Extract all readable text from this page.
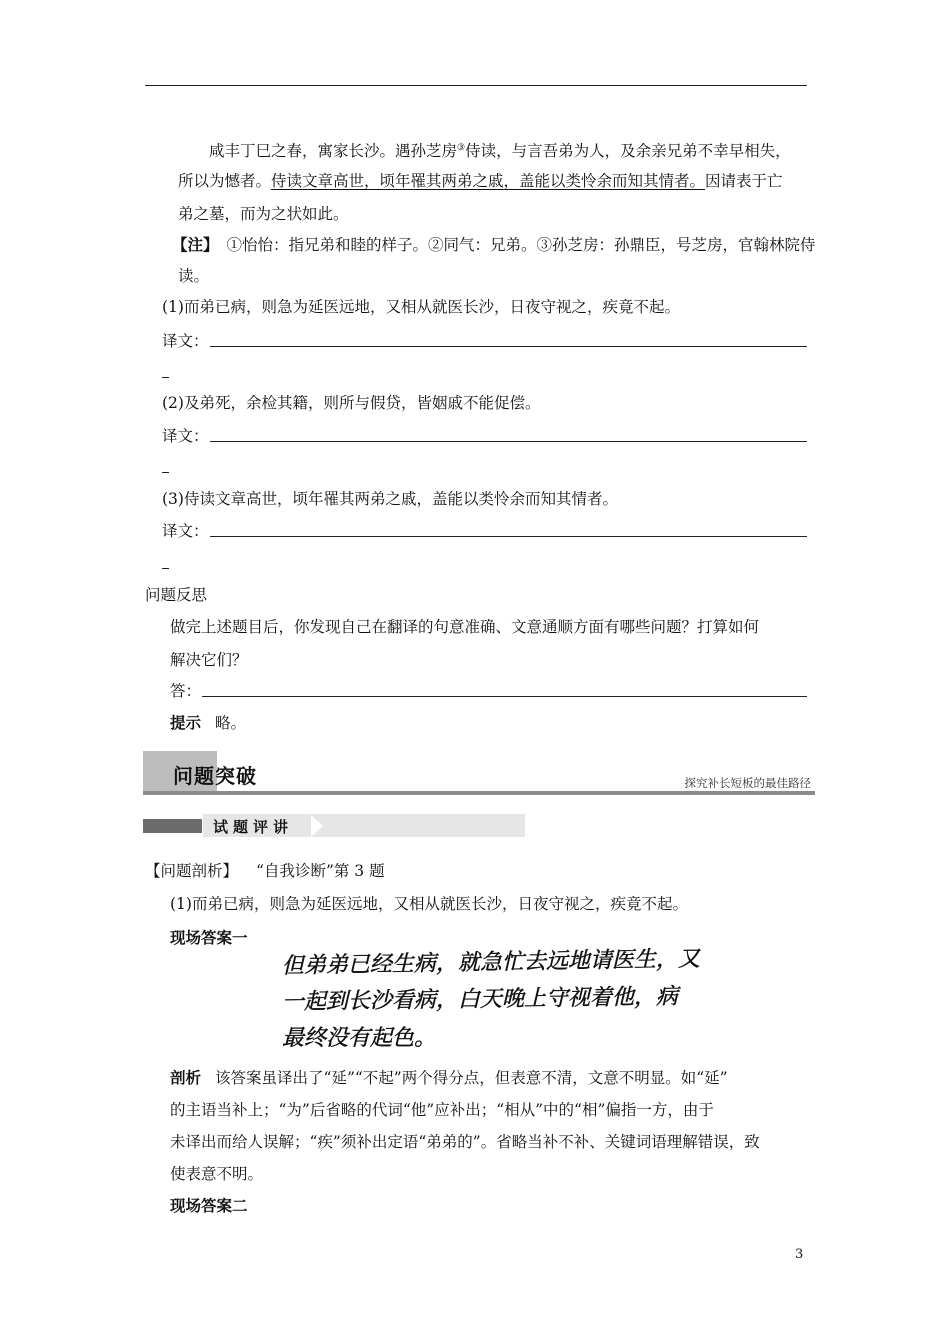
咸丰丁巳之春，寓家长沙。遇孙芝房③侍读，与言吾弟为人，及余亲兄弟不幸早相失，
所以为憾者。侍读文章高世，顷年罹其两弟之戚，盖能以类怜余而知其情者。因请表于亡
弟之墓，而为之状如此。
【注】 ①怡怡：指兄弟和睦的样子。②同气：兄弟。③孙芝房：孙鼎臣，号芝房，官翰林院侍
读。
(1)而弟已病，则急为延医远地，又相从就医长沙，日夜守视之，疾竟不起。
译文：
(2)及弟死，余检其籍，则所与假贷，皆姻戚不能促偿。
译文：
(3)侍读文章高世，顷年罹其两弟之戚，盖能以类怜余而知其情者。
译文：
问题反思
做完上述题目后，你发现自己在翻译的句意准确、文意通顺方面有哪些问题？打算如何
解决它们？
答：
提示 略。
问题突破	探究补长短板的最佳路径
试题评讲
【问题剖析】 “自我诊断”第 3 题
(1)而弟已病，则急为延医远地，又相从就医长沙，日夜守视之，疾竟不起。
现场答案一
但弟弟已经生病，就急忙去远地请医生，又
一起到长沙看病，白天晚上守视着他，病
最终没有起色。
剖析 该答案虽译出了“延”“不起”两个得分点，但表意不清，文意不明显。如“延”
的主语当补上；“为”后省略的代词“他”应补出；“相从”中的“相”偏指一方，由于
未译出而给人误解；“疾”须补出定语“弟弟的”。省略当补不补、关键词语理解错误，致
使表意不明。
现场答案二
3
